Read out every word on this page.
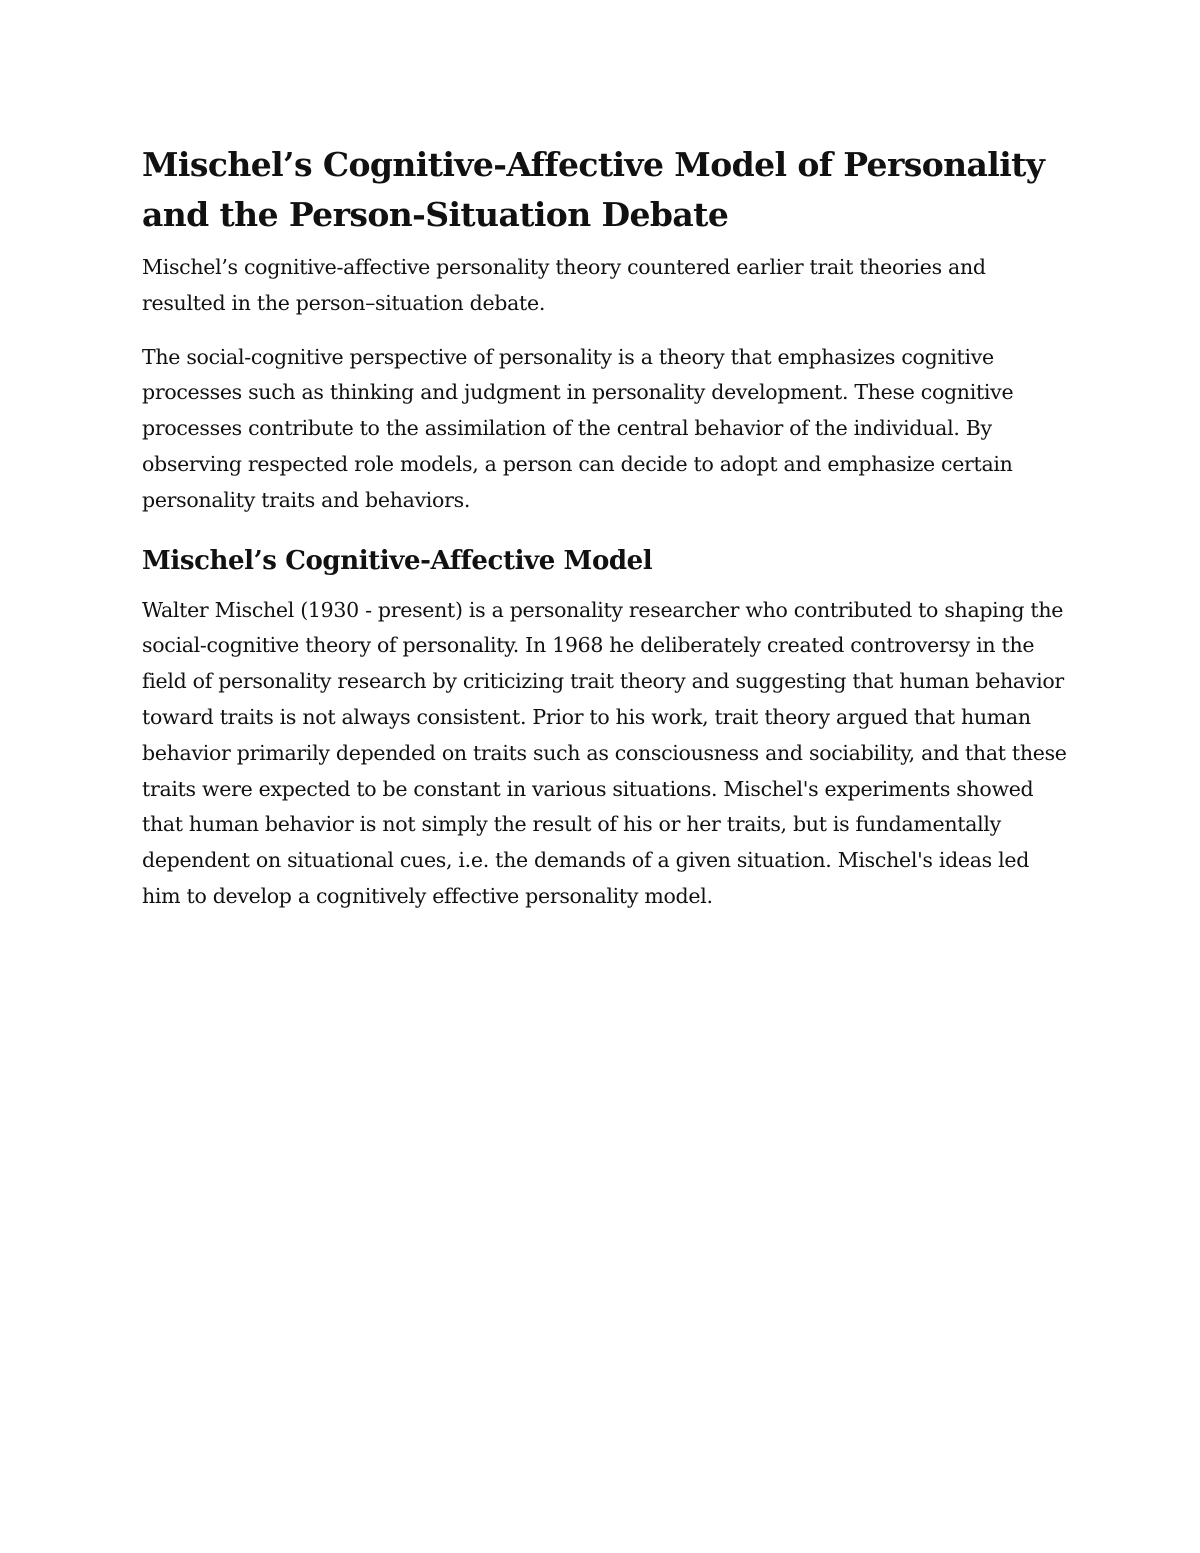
Mischel’s Cognitive-Affective Model of Personality and the Person-Situation Debate

Mischel’s cognitive-affective personality theory countered earlier trait theories and resulted in the person–situation debate.

The social-cognitive perspective of personality is a theory that emphasizes cognitive processes such as thinking and judgment in personality development. These cognitive processes contribute to the assimilation of the central behavior of the individual. By observing respected role models, a person can decide to adopt and emphasize certain personality traits and behaviors.

Mischel’s Cognitive-Affective Model

Walter Mischel (1930 - present) is a personality researcher who contributed to shaping the social-cognitive theory of personality. In 1968 he deliberately created controversy in the field of personality research by criticizing trait theory and suggesting that human behavior toward traits is not always consistent. Prior to his work, trait theory argued that human behavior primarily depended on traits such as consciousness and sociability, and that these traits were expected to be constant in various situations. Mischel's experiments showed that human behavior is not simply the result of his or her traits, but is fundamentally dependent on situational cues, i.e. the demands of a given situation. Mischel's ideas led him to develop a cognitively effective personality model.
